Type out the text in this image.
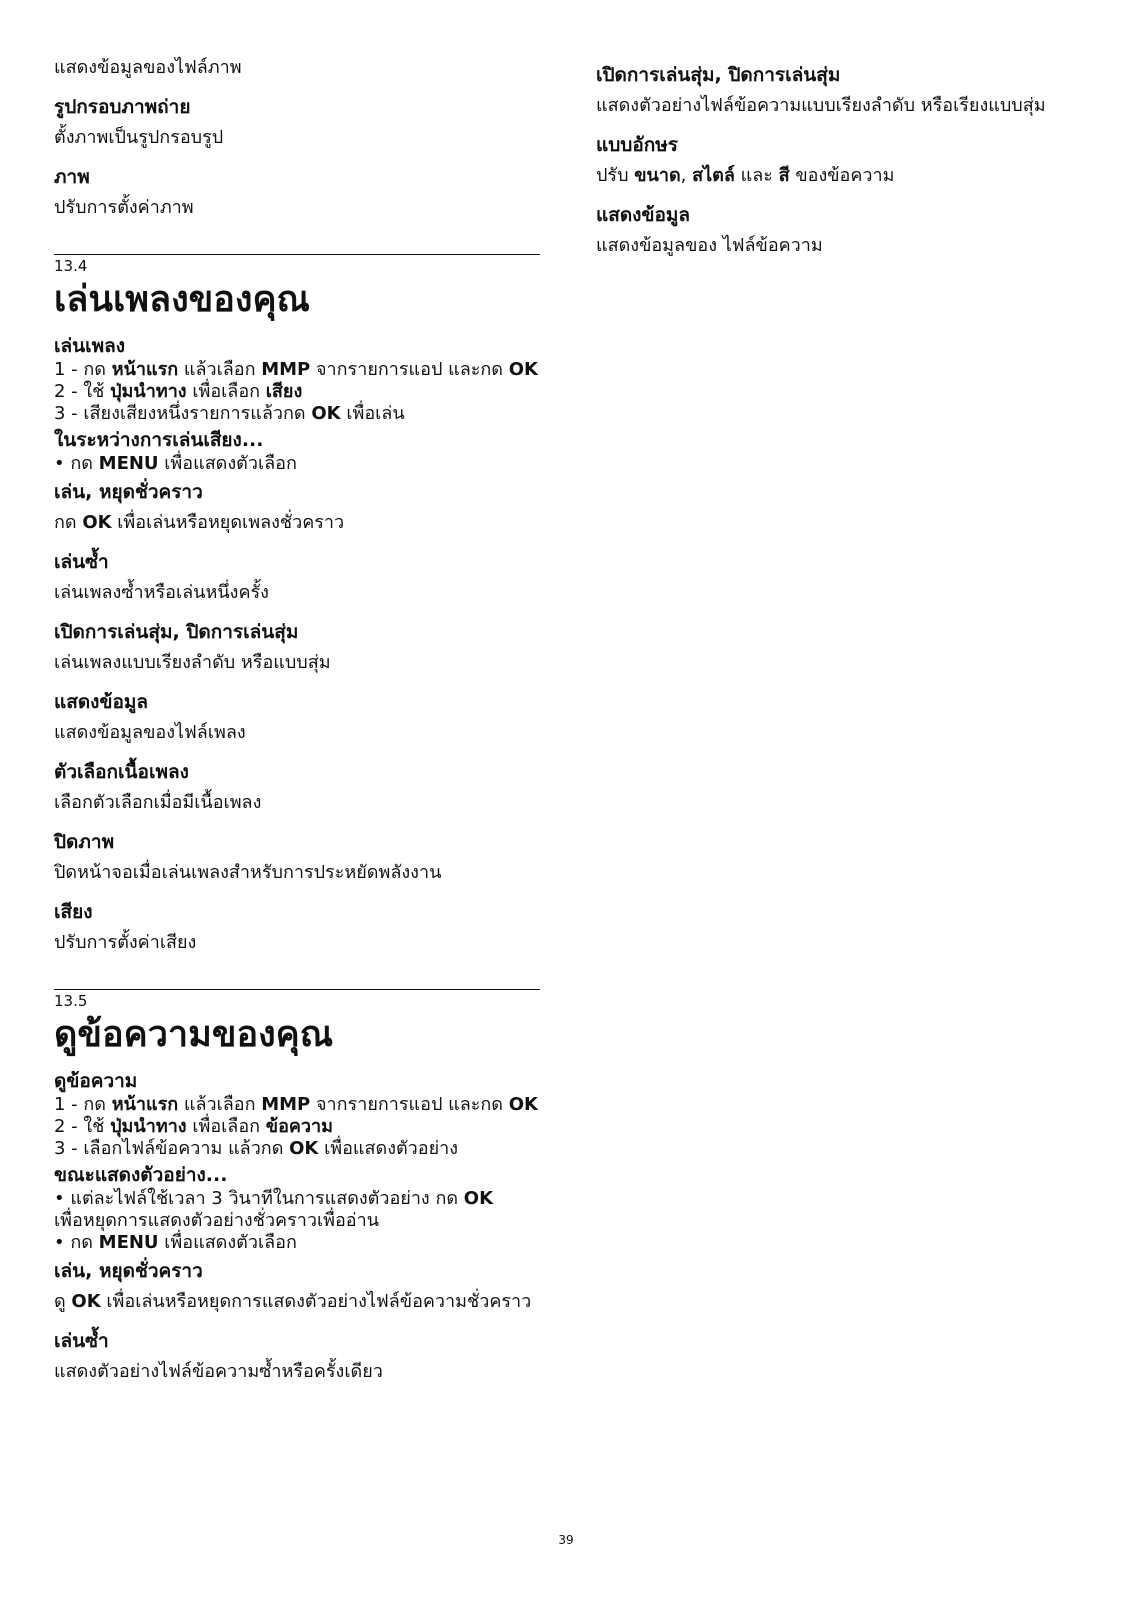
แสดงข้อมูลของไฟล์ภาพ

รูปกรอบภาพถ่าย

ตั้งภาพเป็นรูปกรอบรูป

ภาพ

ปรับการตั้งค่าภาพ

13.4
เล่นเพลงของคุณ

เล่นเพลง

1 - กด หน้าแรก แล้วเลือก MMP จากรายการแอป และกด OK

2 - ใช้ ปุ่มนำทาง เพื่อเลือก เสียง

3 - เสียงเสียงหนึ่งรายการแล้วกด OK เพื่อเล่น

ในระหว่างการเล่นเสียง...

• กด MENU เพื่อแสดงตัวเลือก

เล่น, หยุดชั่วคราว

กด OK เพื่อเล่นหรือหยุดเพลงชั่วคราว

เล่นซ้ำ

เล่นเพลงซ้ำหรือเล่นหนึ่งครั้ง

เปิดการเล่นสุ่ม, ปิดการเล่นสุ่ม

เล่นเพลงแบบเรียงลำดับ หรือแบบสุ่ม

แสดงข้อมูล

แสดงข้อมูลของไฟล์เพลง

ตัวเลือกเนื้อเพลง

เลือกตัวเลือกเมื่อมีเนื้อเพลง

ปิดภาพ

ปิดหน้าจอเมื่อเล่นเพลงสำหรับการประหยัดพลังงาน

เสียง

ปรับการตั้งค่าเสียง

13.5
ดูข้อความของคุณ

ดูข้อความ

1 - กด หน้าแรก แล้วเลือก MMP จากรายการแอป และกด OK

2 - ใช้ ปุ่มนำทาง เพื่อเลือก ข้อความ

3 - เลือกไฟล์ข้อความ แล้วกด OK เพื่อแสดงตัวอย่าง

ขณะแสดงตัวอย่าง...

• แต่ละไฟล์ใช้เวลา 3 วินาทีในการแสดงตัวอย่าง กด OK

เพื่อหยุดการแสดงตัวอย่างชั่วคราวเพื่ออ่าน

• กด MENU เพื่อแสดงตัวเลือก

เล่น, หยุดชั่วคราว

ดู OK เพื่อเล่นหรือหยุดการแสดงตัวอย่างไฟล์ข้อความชั่วคราว

เล่นซ้ำ

แสดงตัวอย่างไฟล์ข้อความซ้ำหรือครั้งเดียว

เปิดการเล่นสุ่ม, ปิดการเล่นสุ่ม

แสดงตัวอย่างไฟล์ข้อความแบบเรียงลำดับ หรือเรียงแบบสุ่ม

แบบอักษร

ปรับ ขนาด, สไตล์ และ สี ของข้อความ

แสดงข้อมูล

แสดงข้อมูลของ ไฟล์ข้อความ

39
